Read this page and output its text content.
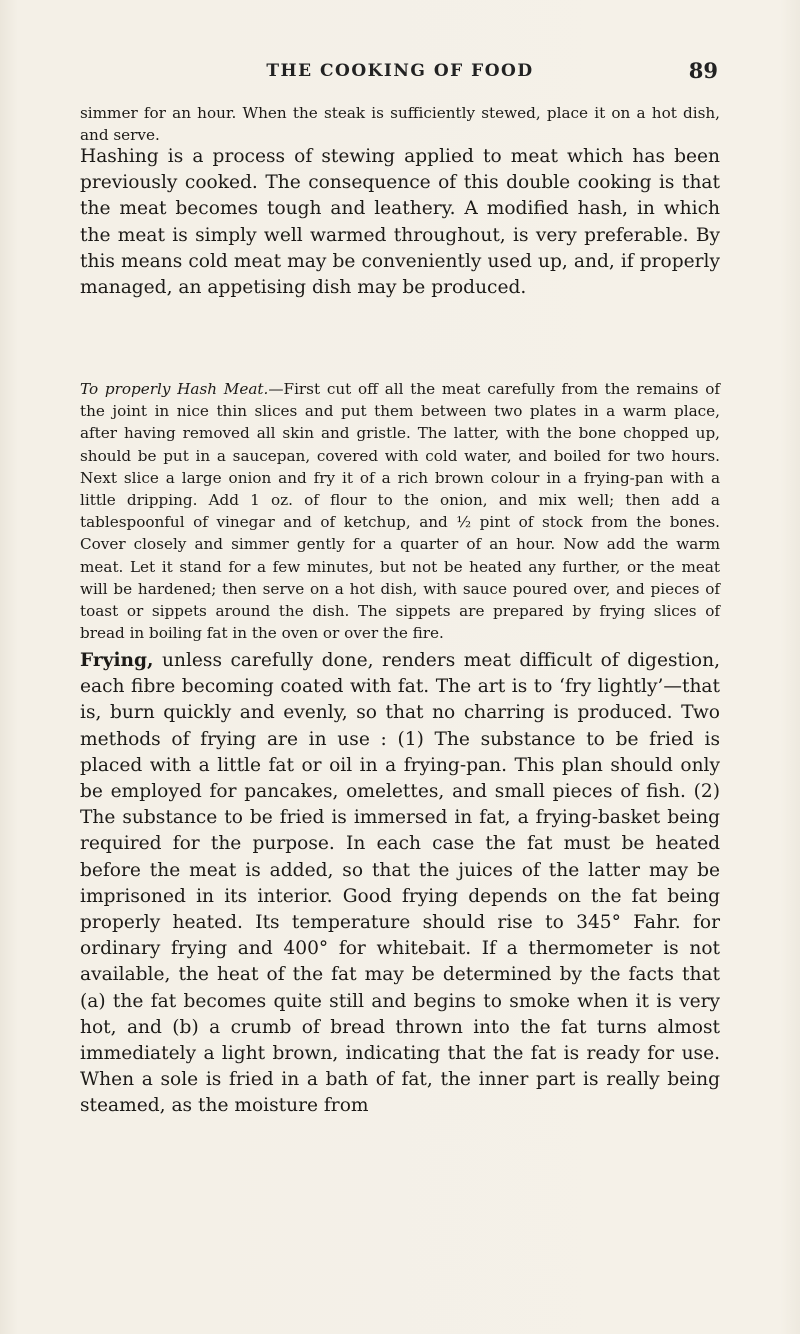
THE COOKING OF FOOD	89

simmer for an hour. When the steak is sufficiently stewed, place it on a hot dish, and serve.

Hashing is a process of stewing applied to meat which has been previously cooked. The consequence of this double cooking is that the meat becomes tough and leathery. A modified hash, in which the meat is simply well warmed throughout, is very preferable. By this means cold meat may be conveniently used up, and, if properly managed, an appetising dish may be produced.

To properly Hash Meat.—First cut off all the meat carefully from the remains of the joint in nice thin slices and put them between two plates in a warm place, after having removed all skin and gristle. The latter, with the bone chopped up, should be put in a saucepan, covered with cold water, and boiled for two hours. Next slice a large onion and fry it of a rich brown colour in a frying-pan with a little dripping. Add 1 oz. of flour to the onion, and mix well; then add a tablespoonful of vinegar and of ketchup, and ½ pint of stock from the bones. Cover closely and simmer gently for a quarter of an hour. Now add the warm meat. Let it stand for a few minutes, but not be heated any further, or the meat will be hardened; then serve on a hot dish, with sauce poured over, and pieces of toast or sippets around the dish. The sippets are prepared by frying slices of bread in boiling fat in the oven or over the fire.

Frying, unless carefully done, renders meat difficult of digestion, each fibre becoming coated with fat. The art is to ‘fry lightly’—that is, burn quickly and evenly, so that no charring is produced. Two methods of frying are in use : (1) The substance to be fried is placed with a little fat or oil in a frying-pan. This plan should only be employed for pancakes, omelettes, and small pieces of fish. (2) The substance to be fried is immersed in fat, a frying-basket being required for the purpose. In each case the fat must be heated before the meat is added, so that the juices of the latter may be imprisoned in its interior. Good frying depends on the fat being properly heated. Its temperature should rise to 345° Fahr. for ordinary frying and 400° for whitebait. If a thermometer is not available, the heat of the fat may be determined by the facts that (a) the fat becomes quite still and begins to smoke when it is very hot, and (b) a crumb of bread thrown into the fat turns almost immediately a light brown, indicating that the fat is ready for use. When a sole is fried in a bath of fat, the inner part is really being steamed, as the moisture from
